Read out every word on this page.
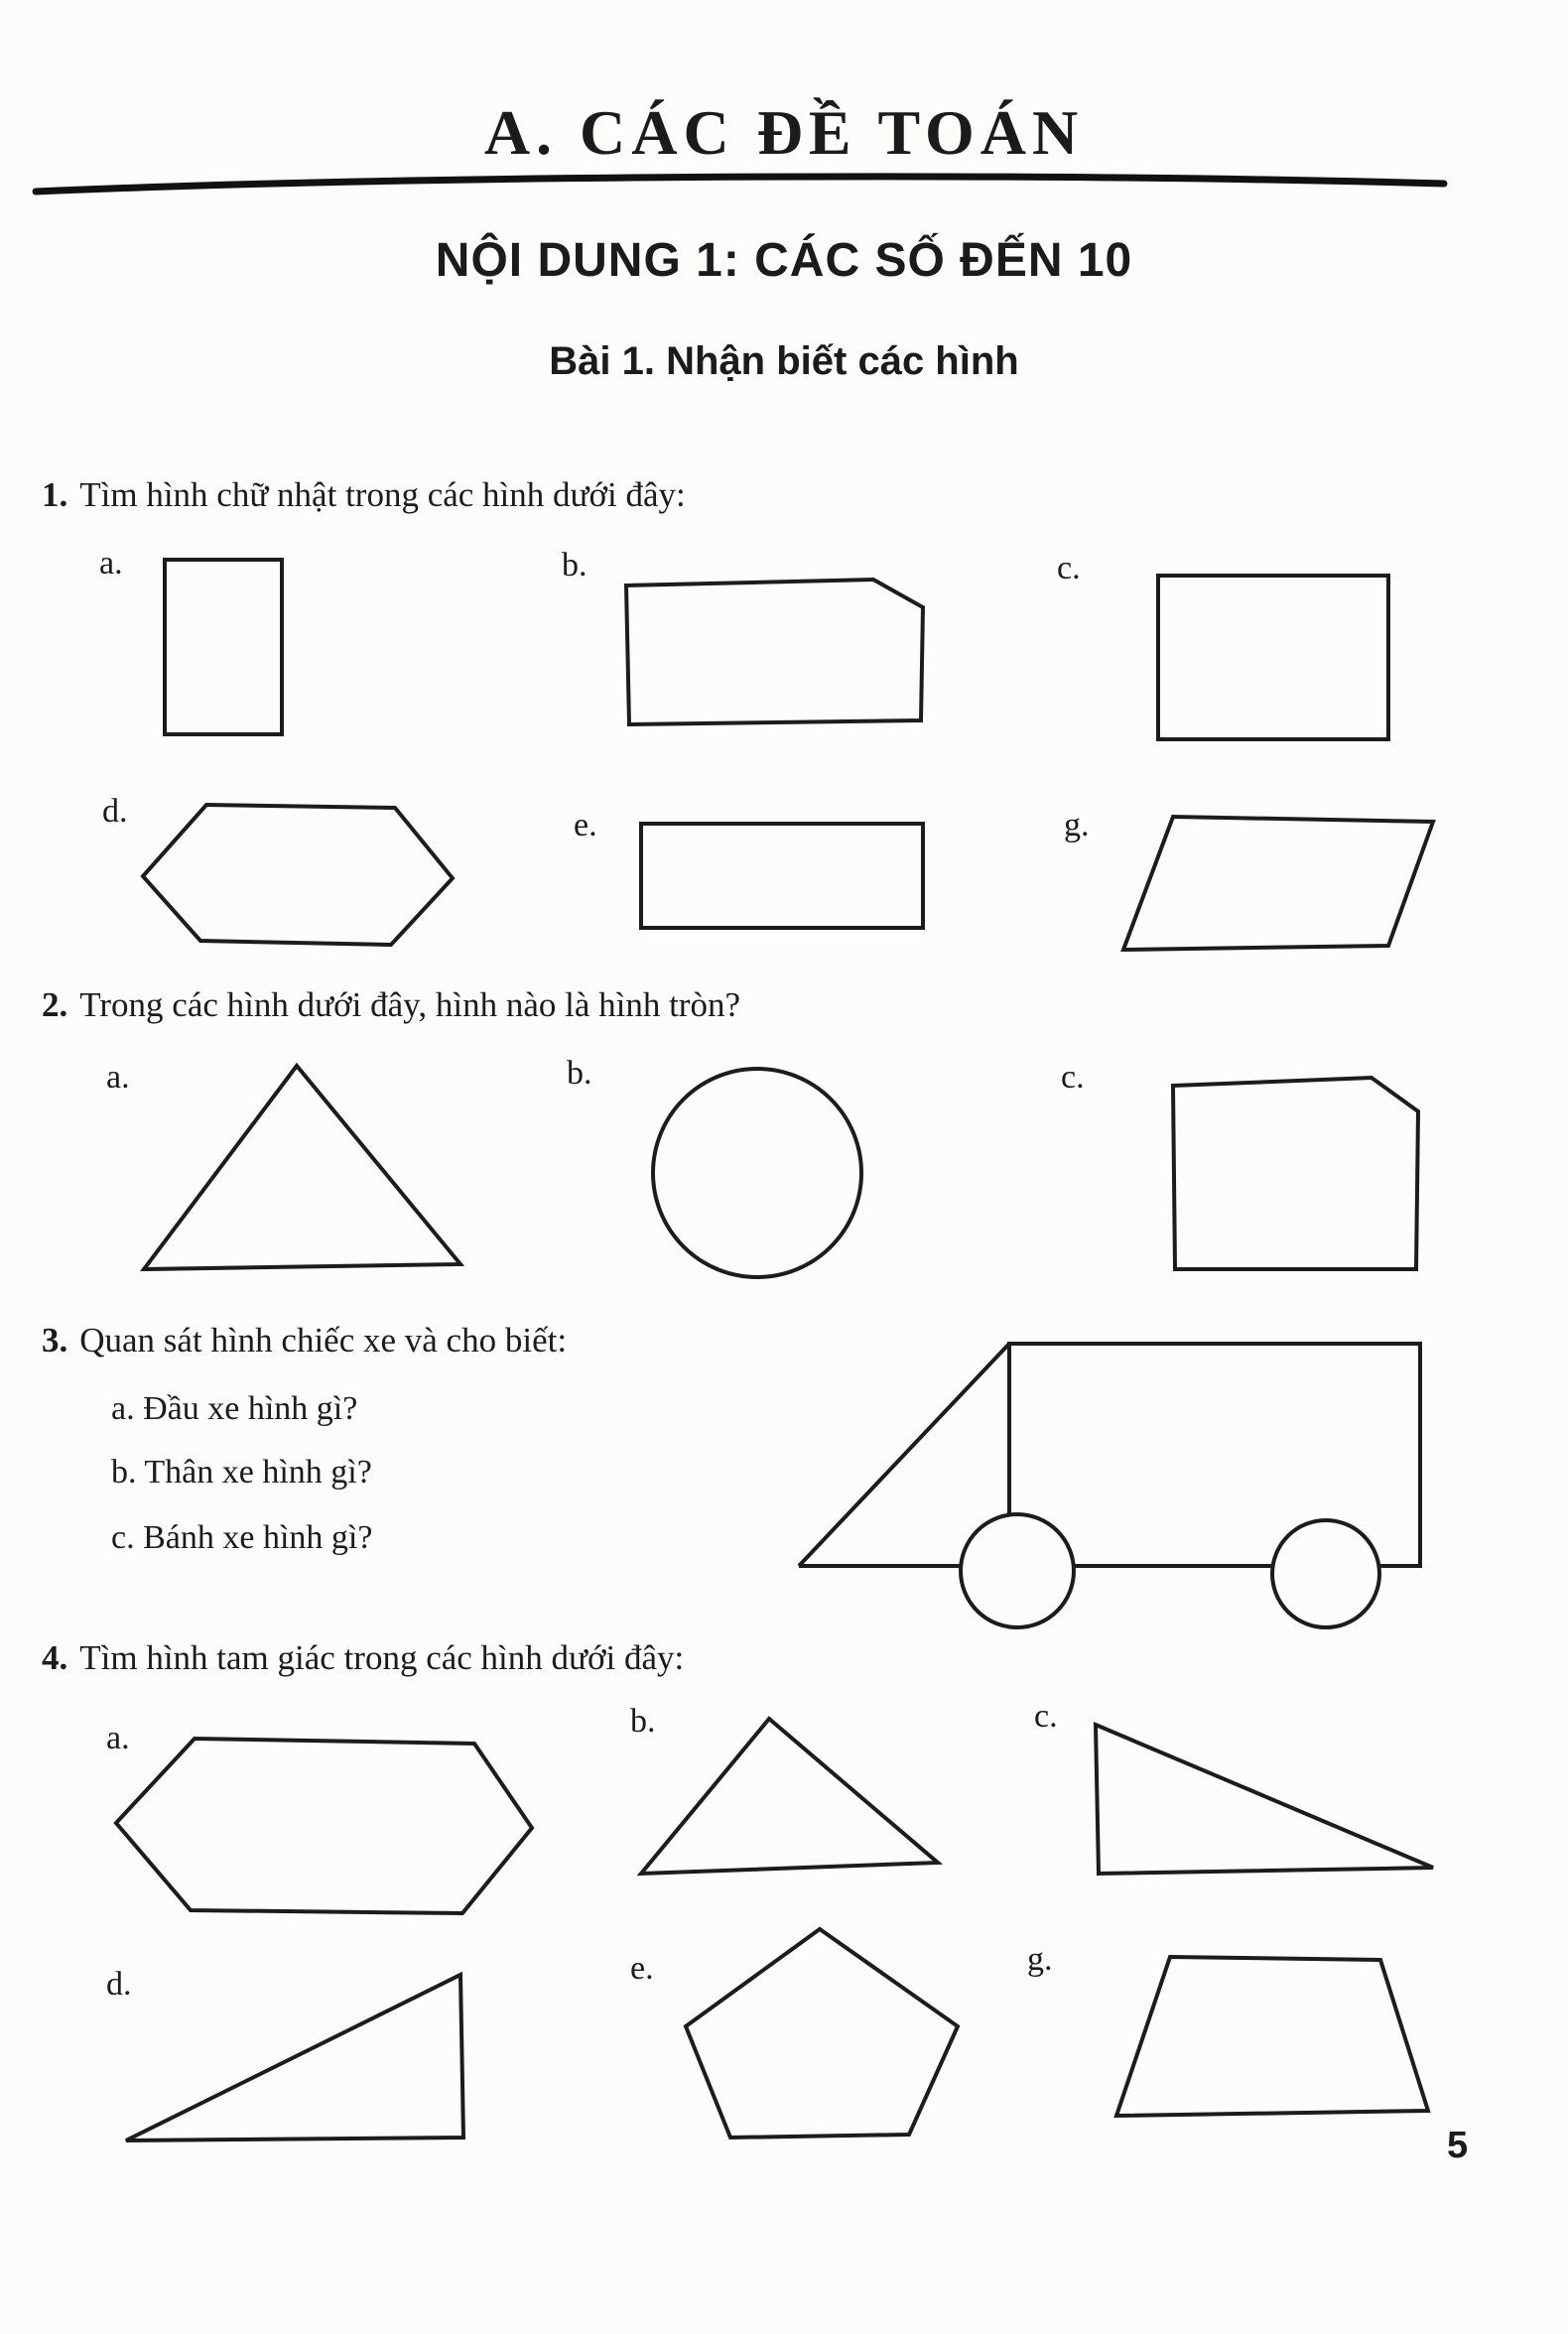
A. CÁC ĐỀ TOÁN
NỘI DUNG 1: CÁC SỐ ĐẾN 10
Bài 1. Nhận biết các hình

1. Tìm hình chữ nhật trong các hình dưới đây:

a.	b.	c.
d.	e.	g.

2. Trong các hình dưới đây, hình nào là hình tròn?

a.	b.	c.

3. Quan sát hình chiếc xe và cho biết:

a. Đầu xe hình gì?

b. Thân xe hình gì?

c. Bánh xe hình gì?

4. Tìm hình tam giác trong các hình dưới đây:

a.	b.	c.
d.	e.	g.
5
